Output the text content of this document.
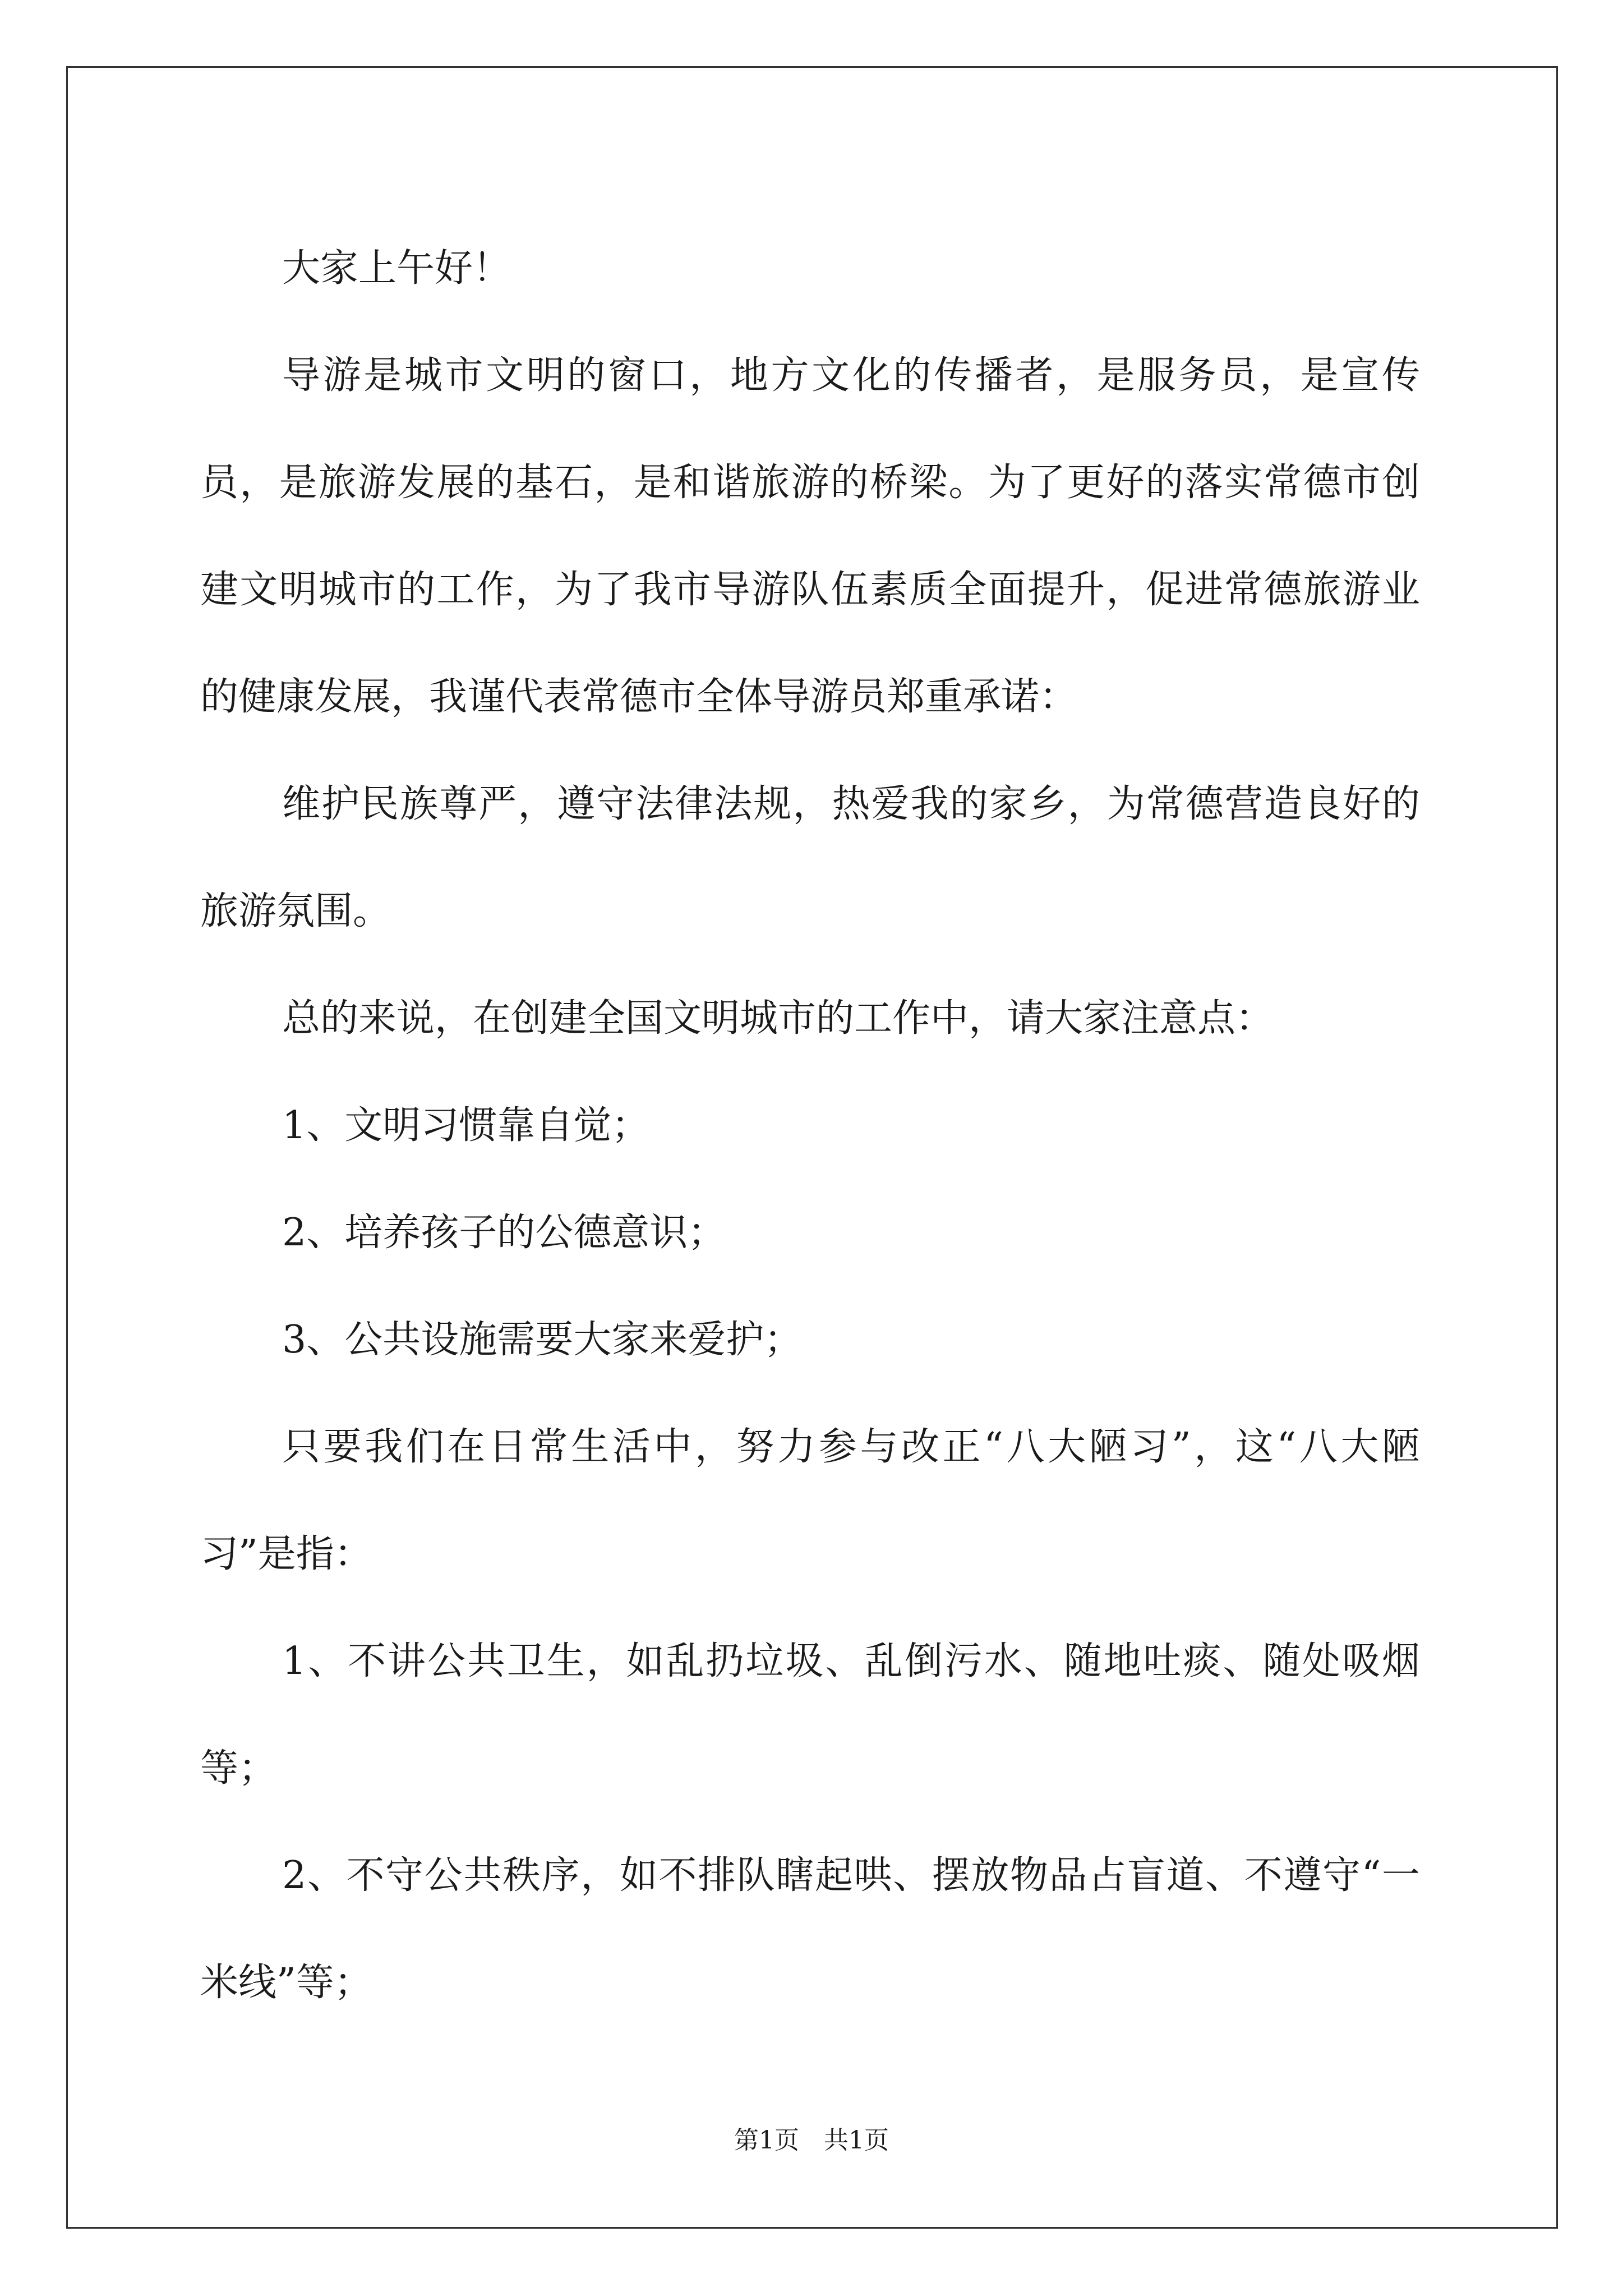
大家上午好！

导游是城市文明的窗口，地方文化的传播者，是服务员，是宣传员，是旅游发展的基石，是和谐旅游的桥梁。为了更好的落实常德市创建文明城市的工作，为了我市导游队伍素质全面提升，促进常德旅游业的健康发展，我谨代表常德市全体导游员郑重承诺：

维护民族尊严，遵守法律法规，热爱我的家乡，为常德营造良好的旅游氛围。

总的来说，在创建全国文明城市的工作中，请大家注意点：

1、文明习惯靠自觉；

2、培养孩子的公德意识；

3、公共设施需要大家来爱护；

只要我们在日常生活中，努力参与改正“八大陋习”，这“八大陋习”是指：

1、不讲公共卫生，如乱扔垃圾、乱倒污水、随地吐痰、随处吸烟等；

2、不守公共秩序，如不排队瞎起哄、摆放物品占盲道、不遵守“一米线”等；

第1页 共1页
